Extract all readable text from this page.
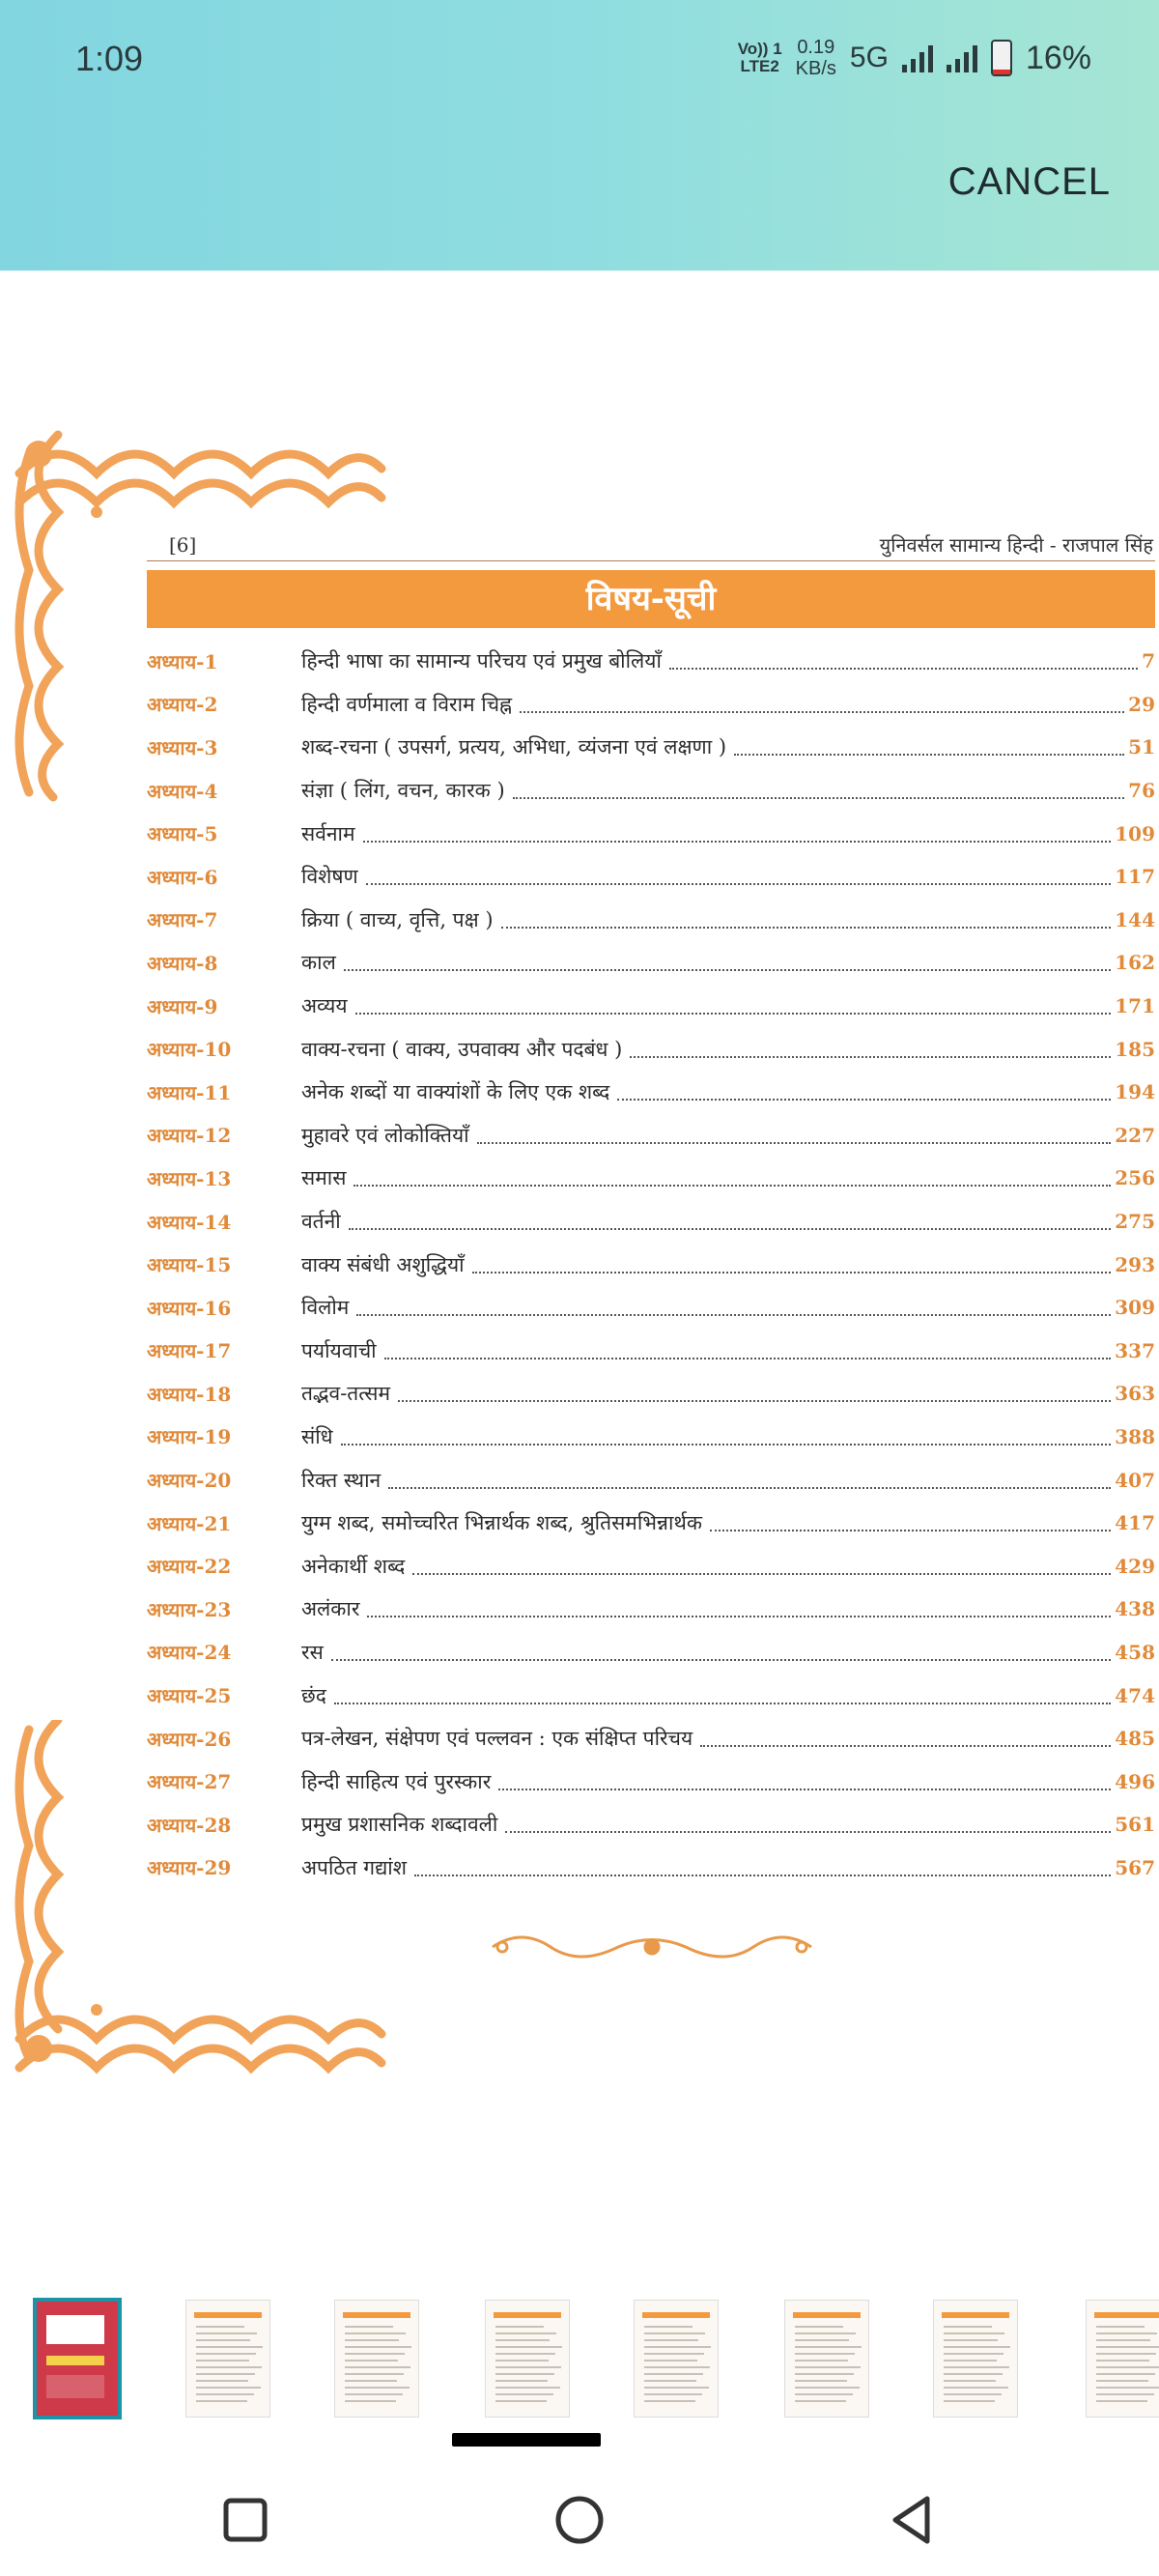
1:09	Vo)) 1
LTE2
0.19
KB/s 5G	16%
CANCEL
[6]	युनिवर्सल सामान्य हिन्दी - राजपाल सिंह
विषय-सूची
अध्याय-1	हिन्दी भाषा का सामान्य परिचय एवं प्रमुख बोलियाँ	7
अध्याय-2	हिन्दी वर्णमाला व विराम चिह्न	29
अध्याय-3	शब्द-रचना ( उपसर्ग, प्रत्यय, अभिधा, व्यंजना एवं लक्षणा )	51
अध्याय-4	संज्ञा ( लिंग, वचन, कारक )	76
अध्याय-5	सर्वनाम	109
अध्याय-6	विशेषण	117
अध्याय-7	क्रिया ( वाच्य, वृत्ति, पक्ष )	144
अध्याय-8	काल	162
अध्याय-9	अव्यय	171
अध्याय-10	वाक्य-रचना ( वाक्य, उपवाक्य और पदबंध )	185
अध्याय-11	अनेक शब्दों या वाक्यांशों के लिए एक शब्द	194
अध्याय-12	मुहावरे एवं लोकोक्तियाँ	227
अध्याय-13	समास	256
अध्याय-14	वर्तनी	275
अध्याय-15	वाक्य संबंधी अशुद्धियाँ	293
अध्याय-16	विलोम	309
अध्याय-17	पर्यायवाची	337
अध्याय-18	तद्भव-तत्सम	363
अध्याय-19	संधि	388
अध्याय-20	रिक्त स्थान	407
अध्याय-21	युग्म शब्द, समोच्चरित भिन्नार्थक शब्द, श्रुतिसमभिन्नार्थक	417
अध्याय-22	अनेकार्थी शब्द	429
अध्याय-23	अलंकार	438
अध्याय-24	रस	458
अध्याय-25	छंद	474
अध्याय-26	पत्र-लेखन, संक्षेपण एवं पल्लवन : एक संक्षिप्त परिचय	485
अध्याय-27	हिन्दी साहित्य एवं पुरस्कार	496
अध्याय-28	प्रमुख प्रशासनिक शब्दावली	561
अध्याय-29	अपठित गद्यांश	567
